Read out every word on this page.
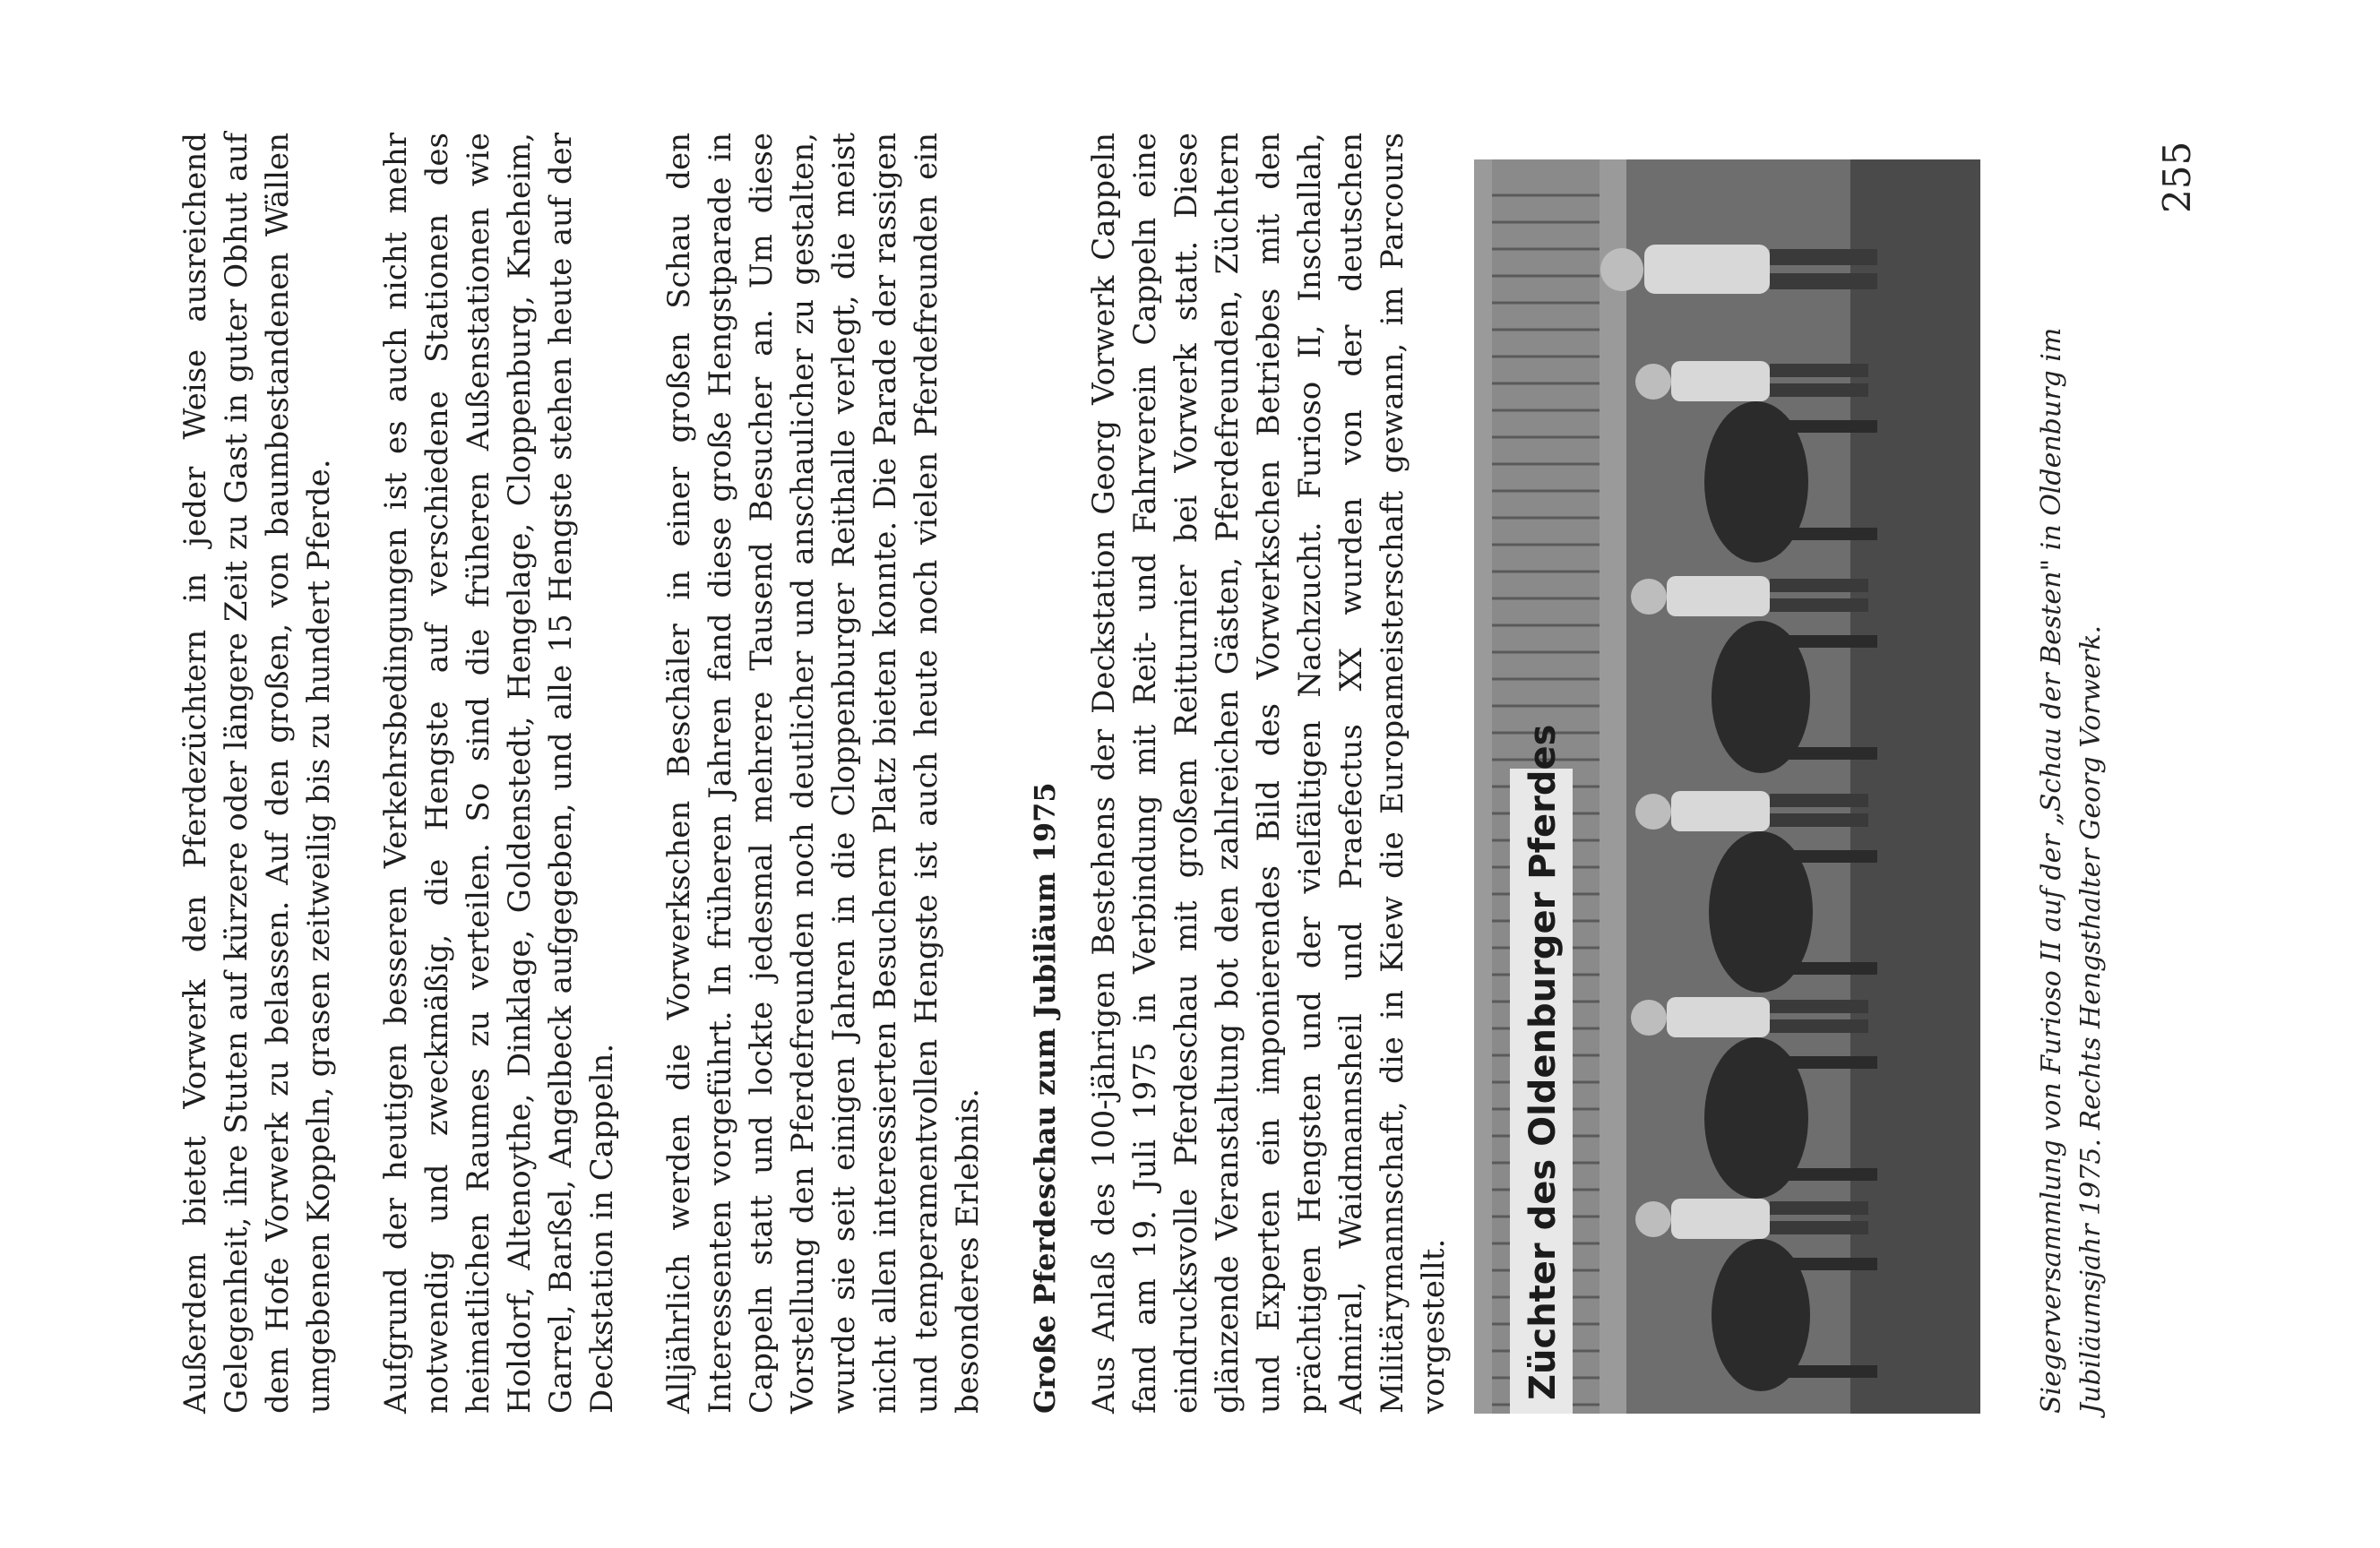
Außerdem bietet Vorwerk den Pferdezüchtern in jeder Weise ausreichend Gelegenheit, ihre Stuten auf kürzere oder längere Zeit zu Gast in guter Obhut auf dem Hofe Vorwerk zu belassen. Auf den großen, von baumbestandenen Wällen umgebenen Koppeln, grasen zeitweilig bis zu hundert Pferde. Aufgrund der heutigen besseren Verkehrsbedingungen ist es auch nicht mehr notwendig und zweckmäßig, die Hengste auf verschiedene Stationen des heimatlichen Raumes zu verteilen. So sind die früheren Außenstationen wie Holdorf, Altenoythe, Dinklage, Goldenstedt, Hengelage, Cloppenburg, Kneheim, Garrel, Barßel, Angelbeck aufgegeben, und alle 15 Hengste stehen heute auf der Deckstation in Cappeln. Alljährlich werden die Vorwerkschen Beschäler in einer großen Schau den Interessenten vorgeführt. In früheren Jahren fand diese große Hengstparade in Cappeln statt und lockte jedesmal mehrere Tausend Besucher an. Um diese Vorstellung den Pferdefreunden noch deutlicher und anschaulicher zu gestalten, wurde sie seit einigen Jahren in die Cloppenburger Reithalle verlegt, die meist nicht allen interessierten Besuchern Platz bieten konnte. Die Parade der rassigen und temperamentvollen Hengste ist auch heute noch vielen Pferdefreunden ein besonderes Erlebnis. Große Pferdeschau zum Jubiläum 1975 Aus Anlaß des 100-jährigen Bestehens der Deckstation Georg Vorwerk Cappeln fand am 19. Juli 1975 in Verbindung mit Reit- und Fahrverein Cappeln eine eindrucksvolle Pferdeschau mit großem Reitturnier bei Vorwerk statt. Diese glänzende Veranstaltung bot den zahlreichen Gästen, Pferdefreunden, Züchtern und Experten ein imponierendes Bild des Vorwerkschen Betriebes mit den prächtigen Hengsten und der vielfältigen Nachzucht. Furioso II, Inschallah, Admiral, Waidmannsheil und Praefectus XX wurden von der deutschen Militärymannschaft, die in Kiew die Europameisterschaft gewann, im Parcours vorgestellt. Züchter des Oldenburger Pferdes	Siegerversammlung von Furioso II auf der „Schau der Besten" in Oldenburg im Jubiläumsjahr 1975. Rechts Hengsthalter Georg Vorwerk.

255
